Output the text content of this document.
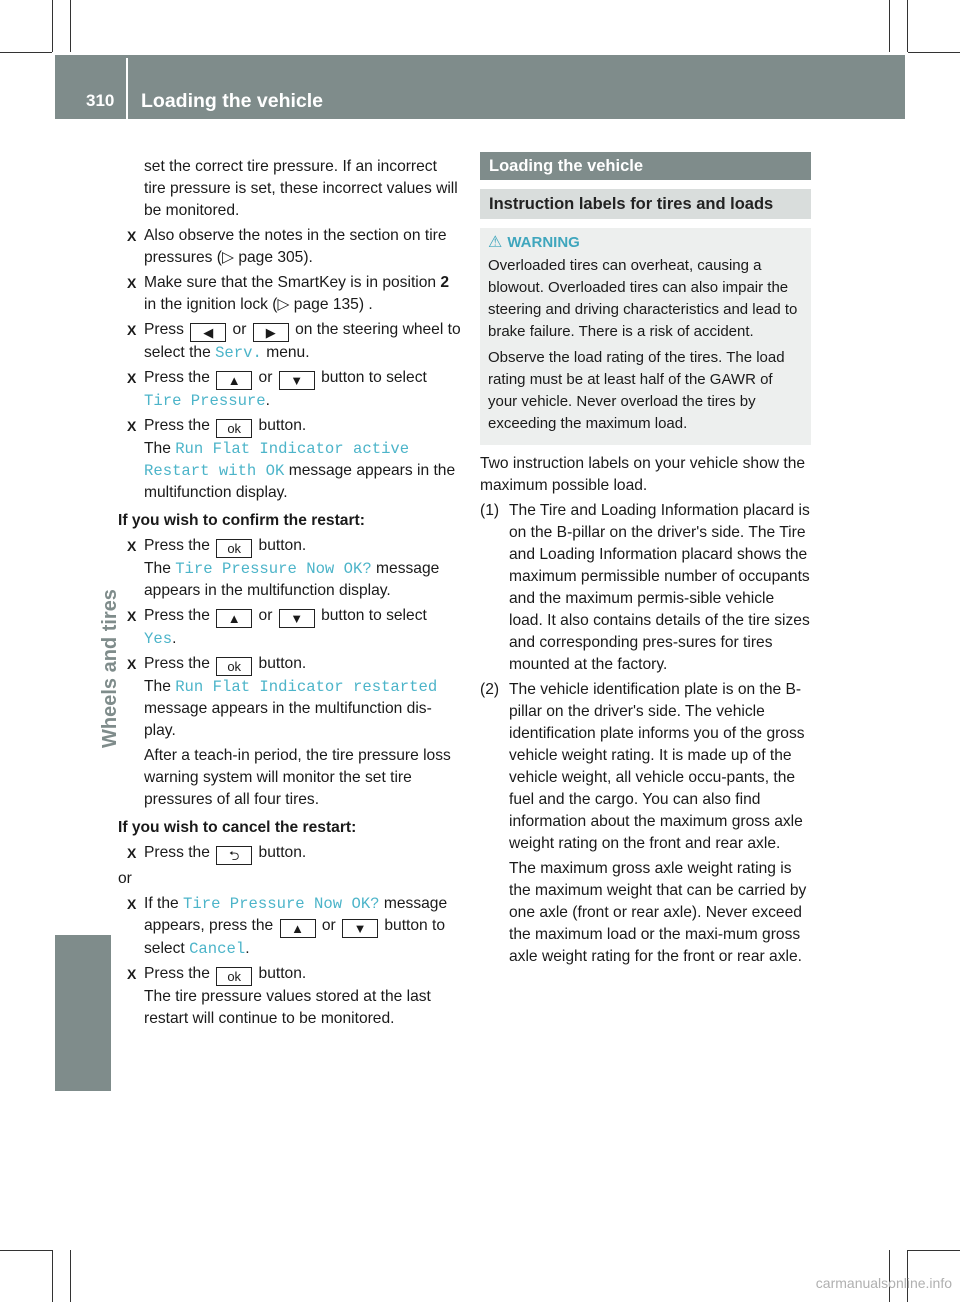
310	Loading the vehicle
Wheels and tires

set the correct tire pressure. If an incorrect tire pressure is set, these incorrect values will be monitored.

X Also observe the notes in the section on tire pressures (▷ page 305).
X Make sure that the SmartKey is in position 2 in the ignition lock (▷ page 135) .
X Press ◀ or ▶ on the steering wheel to select the Serv. menu.
X Press the ▲ or ▼ button to select Tire Pressure.
X Press the ok button.
The Run Flat Indicator active Restart with OK message appears in the multifunction display.

If you wish to confirm the restart:

X Press the ok button.
The Tire Pressure Now OK? message appears in the multifunction display.
X Press the ▲ or ▼ button to select Yes.
X Press the ok button.
The Run Flat Indicator restarted message appears in the multifunction dis-play.

After a teach-in period, the tire pressure loss warning system will monitor the set tire pressures of all four tires.

If you wish to cancel the restart:

X Press the ⮌ button.

or

X If the Tire Pressure Now OK? message appears, press the ▲ or ▼ button to select Cancel.
X Press the ok button.
The tire pressure values stored at the last restart will continue to be monitored.
Loading the vehicle
Instruction labels for tires and loads
⚠ WARNING

Overloaded tires can overheat, causing a blowout. Overloaded tires can also impair the steering and driving characteristics and lead to brake failure. There is a risk of accident.

Observe the load rating of the tires. The load rating must be at least half of the GAWR of your vehicle. Never overload the tires by exceeding the maximum load.

Two instruction labels on your vehicle show the maximum possible load.

(1) The Tire and Loading Information placard is on the B-pillar on the driver's side. The Tire and Loading Information placard shows the maximum permissible number of occupants and the maximum permis-sible vehicle load. It also contains details of the tire sizes and corresponding pres-sures for tires mounted at the factory.

(2) The vehicle identification plate is on the B-pillar on the driver's side. The vehicle identification plate informs you of the gross vehicle weight rating. It is made up of the vehicle weight, all vehicle occu-pants, the fuel and the cargo. You can also find information about the maximum gross axle weight rating on the front and rear axle.

The maximum gross axle weight rating is the maximum weight that can be carried by one axle (front or rear axle). Never exceed the maximum load or the maxi-mum gross axle weight rating for the front or rear axle.

carmanualsonline.info
